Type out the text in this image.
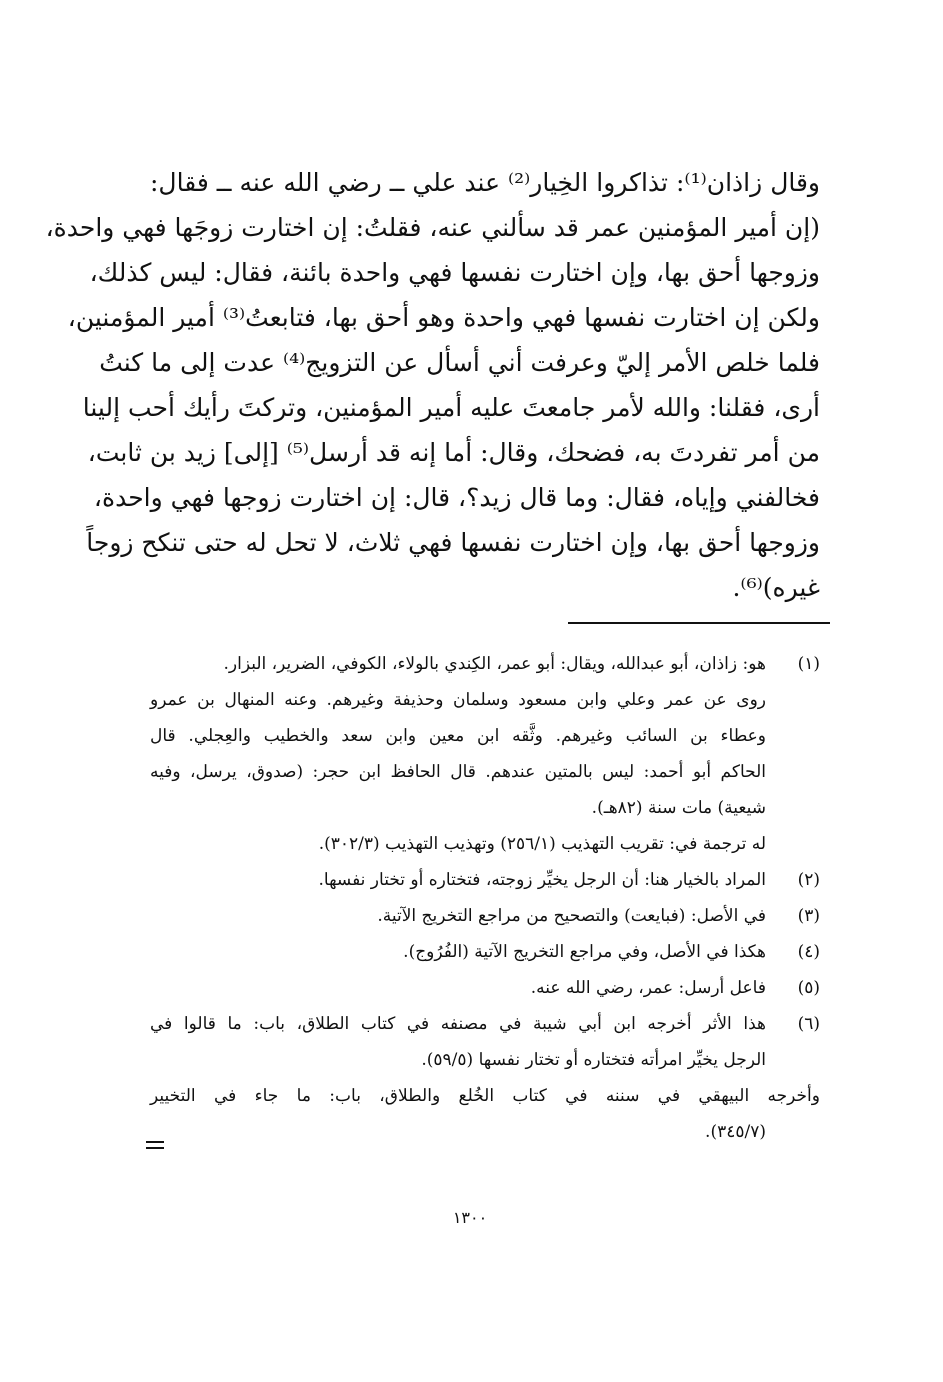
وقال زاذان⁽¹⁾: تذاكروا الخِيار⁽²⁾ عند علي ــ رضي الله عنه ــ فقال:
(إن أمير المؤمنين عمر قد سألني عنه، فقلتُ: إن اختارت زوجَها فهي واحدة،
وزوجها أحق بها، وإن اختارت نفسها فهي واحدة بائنة، فقال: ليس كذلك،
ولكن إن اختارت نفسها فهي واحدة وهو أحق بها، فتابعتُ⁽³⁾ أمير المؤمنين،
فلما خلص الأمر إليّ وعرفت أني أسأل عن التزويج⁽⁴⁾ عدت إلى ما كنتُ
أرى، فقلنا: والله لأمر جامعتَ عليه أمير المؤمنين، وتركتَ رأيك أحب إلينا
من أمر تفردتَ به، فضحك، وقال: أما إنه قد أرسل⁽⁵⁾ [إلى] زيد بن ثابت،
فخالفني وإياه، فقال: وما قال زيد؟، قال: إن اختارت زوجها فهي واحدة،
وزوجها أحق بها، وإن اختارت نفسها فهي ثلاث، لا تحل له حتى تنكح زوجاً
غيره)⁽⁶⁾.
(١)
هو: زاذان، أبو عبدالله، ويقال: أبو عمر، الكِندي بالولاء، الكوفي، الضرير، البزار.
روى عن عمر وعلي وابن مسعود وسلمان وحذيفة وغيرهم. وعنه المنهال بن عمرو
وعطاء بن السائب وغيرهم. وثَّقه ابن معين وابن سعد والخطيب والعِجلي. قال
الحاكم أبو أحمد: ليس بالمتين عندهم. قال الحافظ ابن حجر: (صدوق، يرسل، وفيه
شيعية) مات سنة (٨٢هـ).
له ترجمة في: تقريب التهذيب (٢٥٦/١) وتهذيب التهذيب (٣٠٢/٣).
(٢)
المراد بالخيار هنا: أن الرجل يخيِّر زوجته، فتختاره أو تختار نفسها.
(٣)
في الأصل: (فبايعت) والتصحيح من مراجع التخريج الآتية.
(٤)
هكذا في الأصل، وفي مراجع التخريج الآتية (الفُرُوج).
(٥)
فاعل أرسل: عمر، رضي الله عنه.
(٦)
هذا الأثر أخرجه ابن أبي شيبة في مصنفه في كتاب الطلاق، باب: ما قالوا في
الرجل يخيِّر امرأته فتختاره أو تختار نفسها (٥٩/٥).
وأخرجه البيهقي في سننه في كتاب الخُلع والطلاق، باب: ما جاء في التخيير
(٣٤٥/٧).
١٣٠٠
